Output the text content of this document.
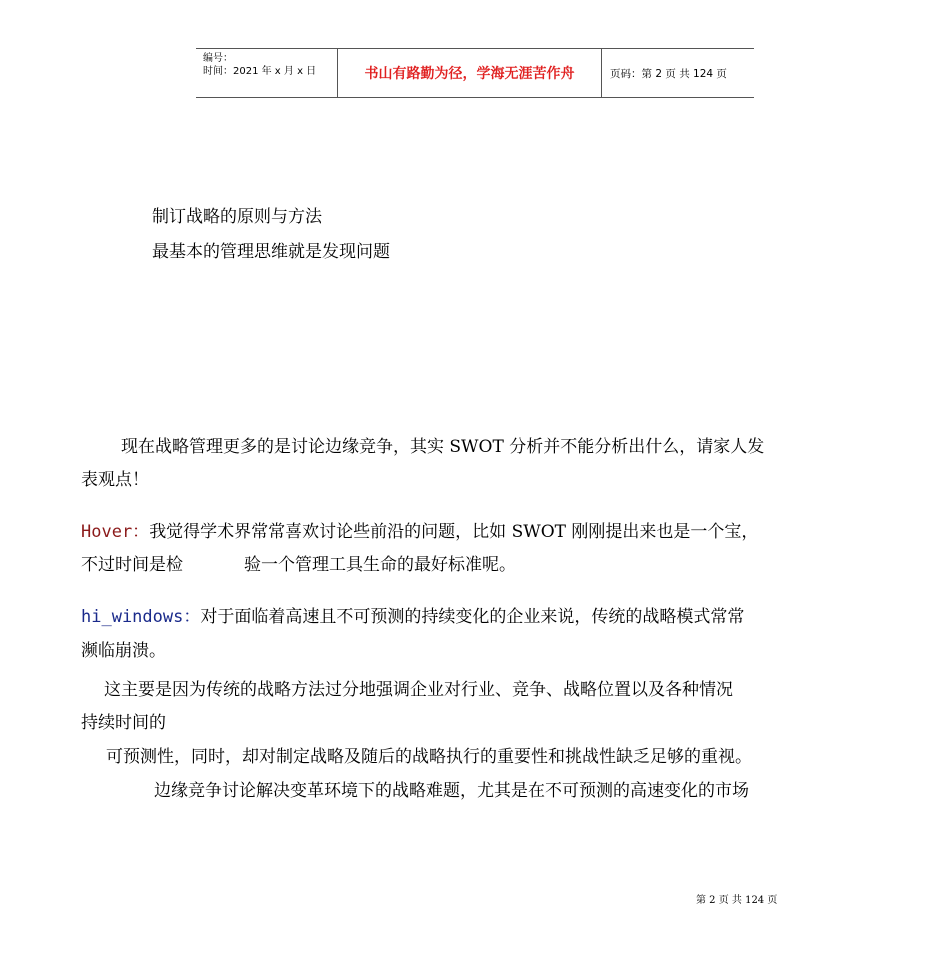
编号：
时间：2021 年 x 月 x 日	书山有路勤为径，学海无涯苦作舟	页码：第 2 页 共 124 页
制订战略的原则与方法
最基本的管理思维就是发现问题
现在战略管理更多的是讨论边缘竞争，其实 SWOT 分析并不能分析出什么，请家人发
表观点！
Hover：我觉得学术界常常喜欢讨论些前沿的问题，比如 SWOT 刚刚提出来也是一个宝，
不过时间是检	验一个管理工具生命的最好标准呢。
hi_windows：对于面临着高速且不可预测的持续变化的企业来说，传统的战略模式常常
濒临崩溃。
这主要是因为传统的战略方法过分地强调企业对行业、竞争、战略位置以及各种情况
持续时间的
可预测性，同时，却对制定战略及随后的战略执行的重要性和挑战性缺乏足够的重视。
边缘竞争讨论解决变革环境下的战略难题，尤其是在不可预测的高速变化的市场
第 2 页 共 124 页
